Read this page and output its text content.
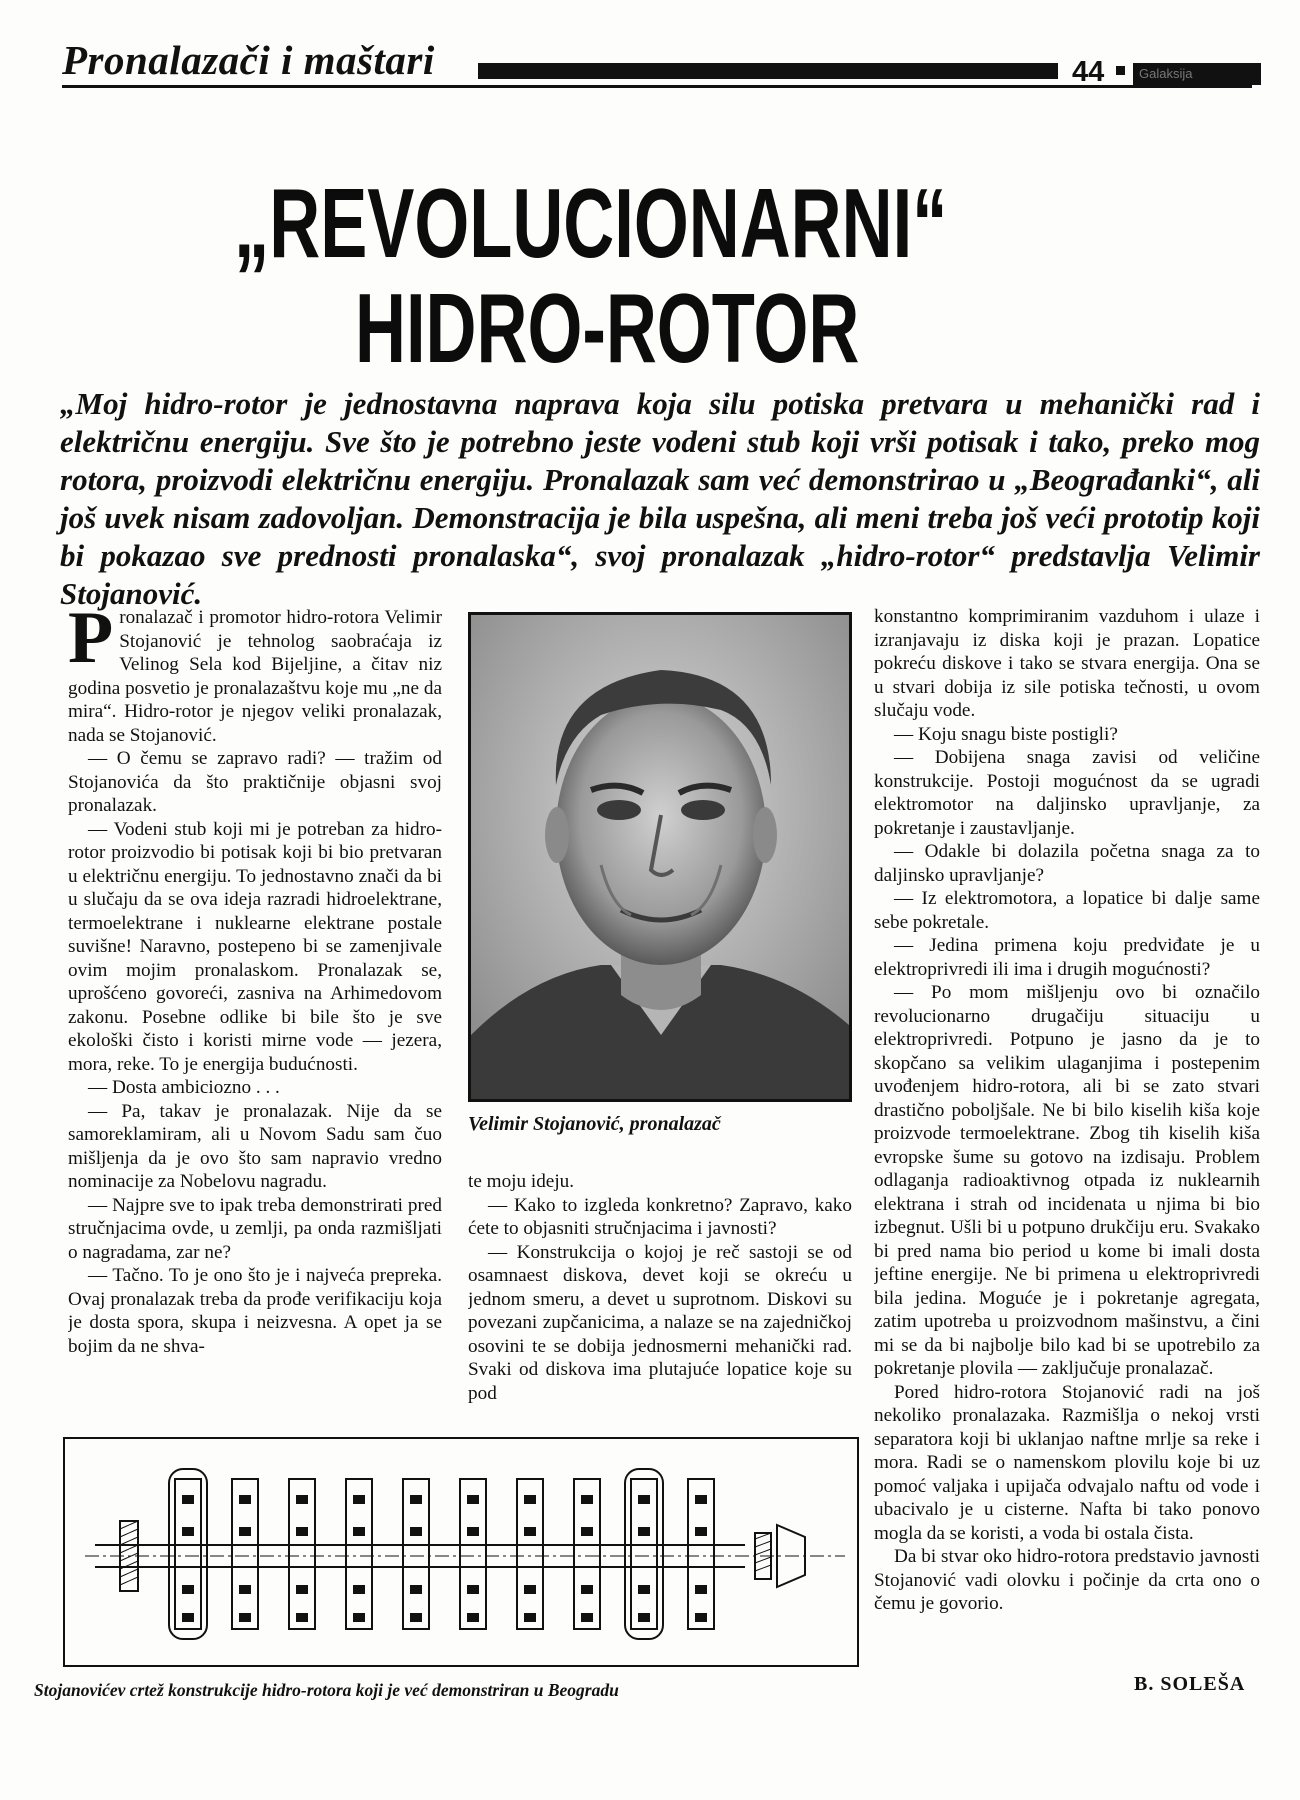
Pronalazači i maštari	44	Galaksija
„REVOLUCIONARNI“
HIDRO-ROTOR
„Moj hidro-rotor je jednostavna naprava koja silu potiska pretvara u mehanički rad i električnu energiju. Sve što je potrebno jeste vodeni stub koji vrši potisak i tako, preko mog rotora, proizvodi električnu energiju. Pronalazak sam već demonstrirao u „Beograđanki“, ali još uvek nisam zadovoljan. Demonstracija je bila uspešna, ali meni treba još veći prototip koji bi pokazao sve prednosti pronalaska“, svoj pronalazak „hidro-rotor“ predstavlja Velimir Stojanović.

Pronalazač i promotor hidro-rotora Velimir Stojanović je tehnolog saobraćaja iz Velinog Sela kod Bijeljine, a čitav niz godina posvetio je pronalazaštvu koje mu „ne da mira“. Hidro-rotor je njegov veliki pronalazak, nada se Stojanović.

— O čemu se zapravo radi? — tražim od Stojanovića da što praktičnije objasni svoj pronalazak.

— Vodeni stub koji mi je potreban za hidro-rotor proizvodio bi potisak koji bi bio pretvaran u električnu energiju. To jednostavno znači da bi u slučaju da se ova ideja razradi hidroelektrane, termoelektrane i nuklearne elektrane postale suvišne! Naravno, postepeno bi se zamenjivale ovim mojim pronalaskom. Pronalazak se, uprošćeno govoreći, zasniva na Arhimedovom zakonu. Posebne odlike bi bile što je sve ekološki čisto i koristi mirne vode — jezera, mora, reke. To je energija budućnosti.

— Dosta ambiciozno . . .

— Pa, takav je pronalazak. Nije da se samoreklamiram, ali u Novom Sadu sam čuo mišljenja da je ovo što sam napravio vredno nominacije za Nobelovu nagradu.

— Najpre sve to ipak treba demonstrirati pred stručnjacima ovde, u zemlji, pa onda razmišljati o nagradama, zar ne?

— Tačno. To je ono što je i najveća prepreka. Ovaj pronalazak treba da prođe verifikaciju koja je dosta spora, skupa i neizvesna. A opet ja se bojim da ne shva-

Velimir Stojanović, pronalazač

te moju ideju.

— Kako to izgleda konkretno? Zapravo, kako ćete to objasniti stručnjacima i javnosti?

— Konstrukcija o kojoj je reč sastoji se od osamnaest diskova, devet koji se okreću u jednom smeru, a devet u suprotnom. Diskovi su povezani zupčanicima, a nalaze se na zajedničkoj osovini te se dobija jednosmerni mehanički rad. Svaki od diskova ima plutajuće lopatice koje su pod

konstantno komprimiranim vazduhom i ulaze i izranjavaju iz diska koji je prazan. Lopatice pokreću diskove i tako se stvara energija. Ona se u stvari dobija iz sile potiska tečnosti, u ovom slučaju vode.

— Koju snagu biste postigli?

— Dobijena snaga zavisi od veličine konstrukcije. Postoji mogućnost da se ugradi elektromotor na daljinsko upravljanje, za pokretanje i zaustavljanje.

— Odakle bi dolazila početna snaga za to daljinsko upravljanje?

— Iz elektromotora, a lopatice bi dalje same sebe pokretale.

— Jedina primena koju predviđate je u elektroprivredi ili ima i drugih mogućnosti?

— Po mom mišljenju ovo bi označilo revolucionarno drugačiju situaciju u elektroprivredi. Potpuno je jasno da je to skopčano sa velikim ulaganjima i postepenim uvođenjem hidro-rotora, ali bi se zato stvari drastično poboljšale. Ne bi bilo kiselih kiša koje proizvode termoelektrane. Zbog tih kiselih kiša evropske šume su gotovo na izdisaju. Problem odlaganja radioaktivnog otpada iz nuklearnih elektrana i strah od incidenata u njima bi bio izbegnut. Ušli bi u potpuno drukčiju eru. Svakako bi pred nama bio period u kome bi imali dosta jeftine energije. Ne bi primena u elektroprivredi bila jedina. Moguće je i pokretanje agregata, zatim upotreba u proizvodnom mašinstvu, a čini mi se da bi najbolje bilo kad bi se upotrebilo za pokretanje plovila — zaključuje pronalazač.

Pored hidro-rotora Stojanović radi na još nekoliko pronalazaka. Razmišlja o nekoj vrsti separatora koji bi uklanjao naftne mrlje sa reke i mora. Radi se o namenskom plovilu koje bi uz pomoć valjaka i upijača odvajalo naftu od vode i ubacivalo je u cisterne. Nafta bi tako ponovo mogla da se koristi, a voda bi ostala čista.

Da bi stvar oko hidro-rotora predstavio javnosti Stojanović vadi olovku i počinje da crta ono o čemu je govorio.

Stojanovićev crtež konstrukcije hidro-rotora koji je već demonstriran u Beogradu	B. SOLEŠA
